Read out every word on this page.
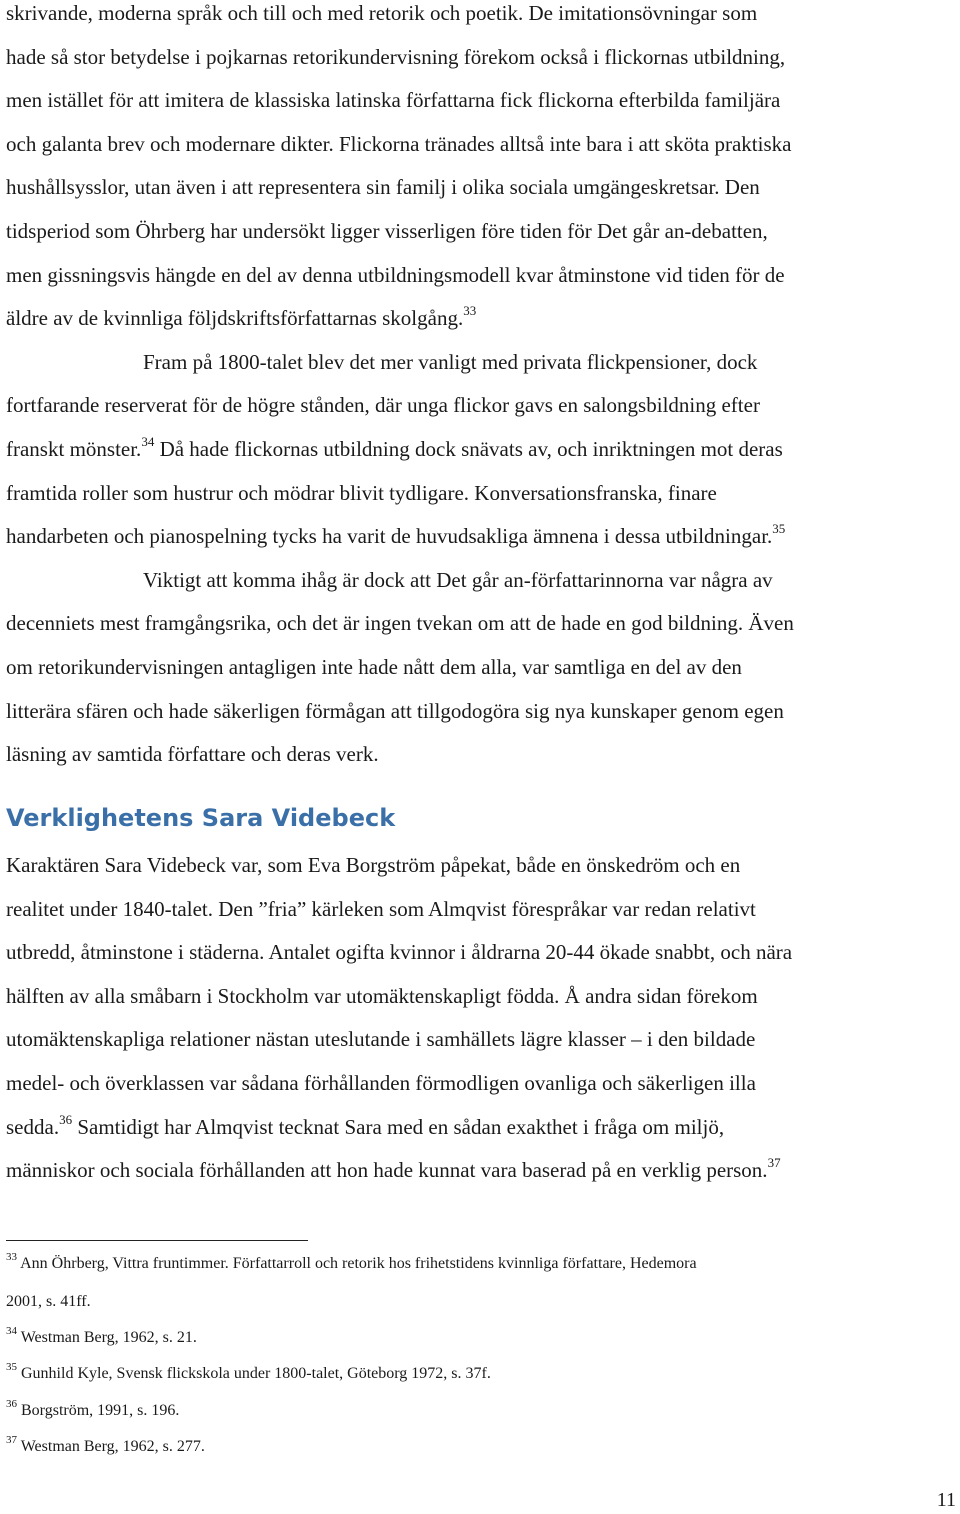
skrivande, moderna språk och till och med retorik och poetik. De imitationsövningar som
hade så stor betydelse i pojkarnas retorikundervisning förekom också i flickornas utbildning,
men istället för att imitera de klassiska latinska författarna fick flickorna efterbilda familjära
och galanta brev och modernare dikter. Flickorna tränades alltså inte bara i att sköta praktiska
hushållsysslor, utan även i att representera sin familj i olika sociala umgängeskretsar. Den
tidsperiod som Öhrberg har undersökt ligger visserligen före tiden för Det går an-debatten,
men gissningsvis hängde en del av denna utbildningsmodell kvar åtminstone vid tiden för de
äldre av de kvinnliga följdskriftsförfattarnas skolgång.$^{33}$
Fram på 1800-talet blev det mer vanligt med privata flickpensioner, dock
fortfarande reserverat för de högre stånden, där unga flickor gavs en salongsbildning efter
franskt mönster.$^{34}$ Då hade flickornas utbildning dock snävats av, och inriktningen mot deras
framtida roller som hustrur och mödrar blivit tydligare. Konversationsfranska, finare
handarbeten och pianospelning tycks ha varit de huvudsakliga ämnena i dessa utbildningar.$^{35}$
Viktigt att komma ihåg är dock att Det går an-författarinnorna var några av
decenniets mest framgångsrika, och det är ingen tvekan om att de hade en god bildning. Även
om retorikundervisningen antagligen inte hade nått dem alla, var samtliga en del av den
litterära sfären och hade säkerligen förmågan att tillgodogöra sig nya kunskaper genom egen
läsning av samtida författare och deras verk.
Verklighetens Sara Videbeck
Karaktären Sara Videbeck var, som Eva Borgström påpekat, både en önskedröm och en
realitet under 1840-talet. Den ”fria” kärleken som Almqvist förespråkar var redan relativt
utbredd, åtminstone i städerna. Antalet ogifta kvinnor i åldrarna 20-44 ökade snabbt, och nära
hälften av alla småbarn i Stockholm var utomäktenskapligt födda. Å andra sidan förekom
utomäktenskapliga relationer nästan uteslutande i samhällets lägre klasser – i den bildade
medel- och överklassen var sådana förhållanden förmodligen ovanliga och säkerligen illa
sedda.$^{36}$ Samtidigt har Almqvist tecknat Sara med en sådan exakthet i fråga om miljö,
människor och sociala förhållanden att hon hade kunnat vara baserad på en verklig person.$^{37}$
$^{33}$ Ann Öhrberg, Vittra fruntimmer. Författarroll och retorik hos frihetstidens kvinnliga författare, Hedemora
2001, s. 41ff.
$^{34}$ Westman Berg, 1962, s. 21.
$^{35}$ Gunhild Kyle, Svensk flickskola under 1800-talet, Göteborg 1972, s. 37f.
$^{36}$ Borgström, 1991, s. 196.
$^{37}$ Westman Berg, 1962, s. 277.
11
